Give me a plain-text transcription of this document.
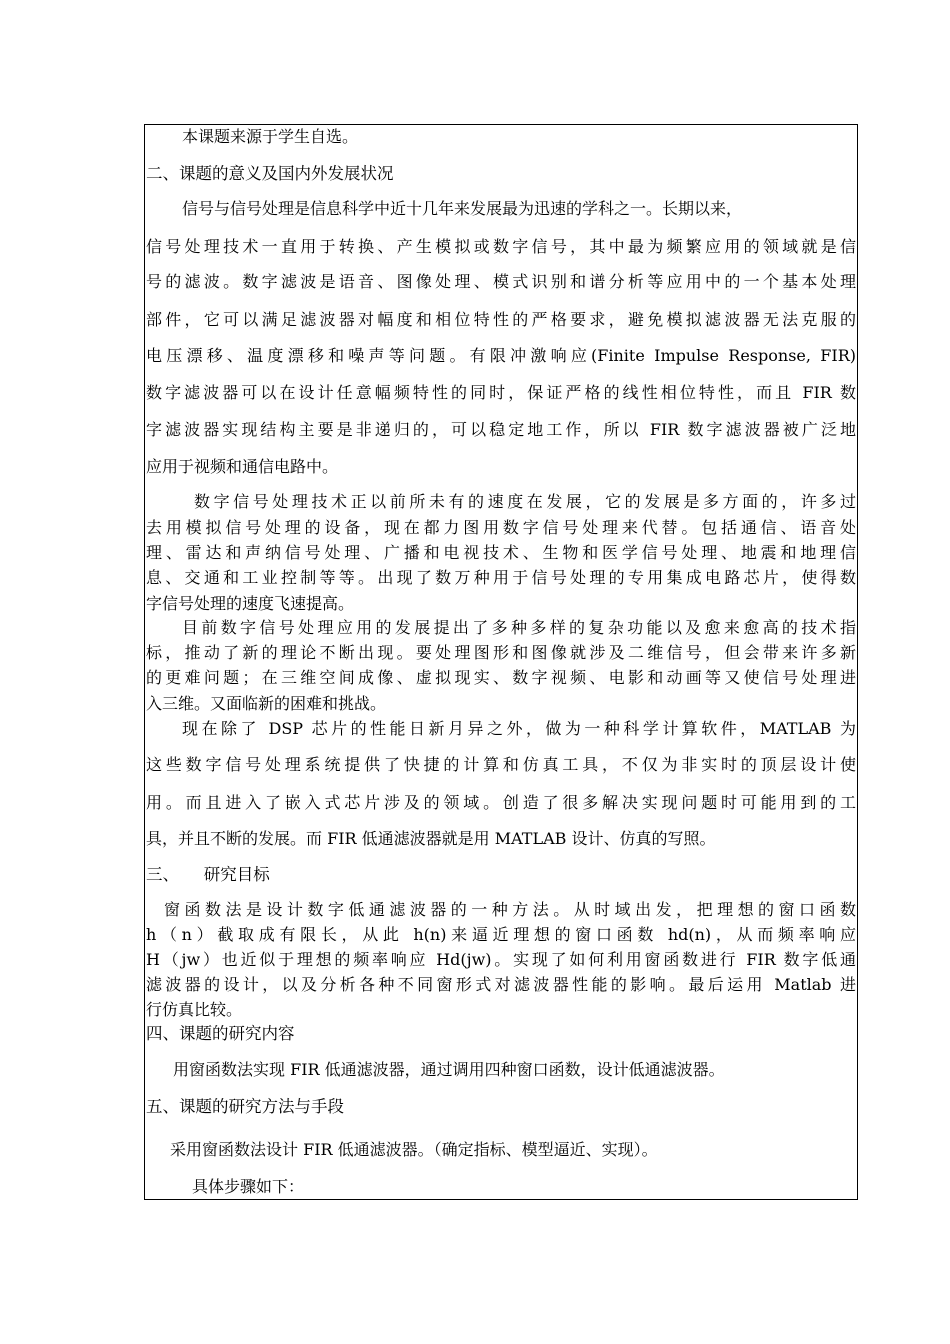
本课题来源于学生自选。
二、课题的意义及国内外发展状况
信号与信号处理是信息科学中近十几年来发展最为迅速的学科之一。长期以来，
信号处理技术一直用于转换、产生模拟或数字信号，其中最为频繁应用的领域就是信
号的滤波。数字滤波是语音、图像处理、模式识别和谱分析等应用中的一个基本处理
部件，它可以满足滤波器对幅度和相位特性的严格要求，避免模拟滤波器无法克服的
电压漂移、温度漂移和噪声等问题。有限冲激响应(Finite Impulse Response, FIR)
数字滤波器可以在设计任意幅频特性的同时，保证严格的线性相位特性，而且 FIR 数
字滤波器实现结构主要是非递归的，可以稳定地工作，所以 FIR 数字滤波器被广泛地
应用于视频和通信电路中。
数字信号处理技术正以前所未有的速度在发展，它的发展是多方面的，许多过
去用模拟信号处理的设备，现在都力图用数字信号处理来代替。包括通信、语音处
理、雷达和声纳信号处理、广播和电视技术、生物和医学信号处理、地震和地理信
息、交通和工业控制等等。出现了数万种用于信号处理的专用集成电路芯片，使得数
字信号处理的速度飞速提高。
目前数字信号处理应用的发展提出了多种多样的复杂功能以及愈来愈高的技术指
标，推动了新的理论不断出现。要处理图形和图像就涉及二维信号，但会带来许多新
的更难问题；在三维空间成像、虚拟现实、数字视频、电影和动画等又使信号处理进
入三维。又面临新的困难和挑战。
现在除了 DSP 芯片的性能日新月异之外，做为一种科学计算软件，MATLAB 为
这些数字信号处理系统提供了快捷的计算和仿真工具，不仅为非实时的顶层设计使
用。而且进入了嵌入式芯片涉及的领域。创造了很多解决实现问题时可能用到的工
具，并且不断的发展。而 FIR 低通滤波器就是用 MATLAB 设计、仿真的写照。
三、　　研究目标
窗函数法是设计数字低通滤波器的一种方法。从时域出发，把理想的窗口函数
h（n）截取成有限长，从此 h(n)来逼近理想的窗口函数 hd(n)，从而频率响应
H（jw）也近似于理想的频率响应 Hd(jw)。实现了如何利用窗函数进行 FIR 数字低通
滤波器的设计，以及分析各种不同窗形式对滤波器性能的影响。最后运用 Matlab 进
行仿真比较。
四、课题的研究内容
用窗函数法实现 FIR 低通滤波器，通过调用四种窗口函数，设计低通滤波器。
五、课题的研究方法与手段
采用窗函数法设计 FIR 低通滤波器。（确定指标、模型逼近、实现）。
具体步骤如下：
